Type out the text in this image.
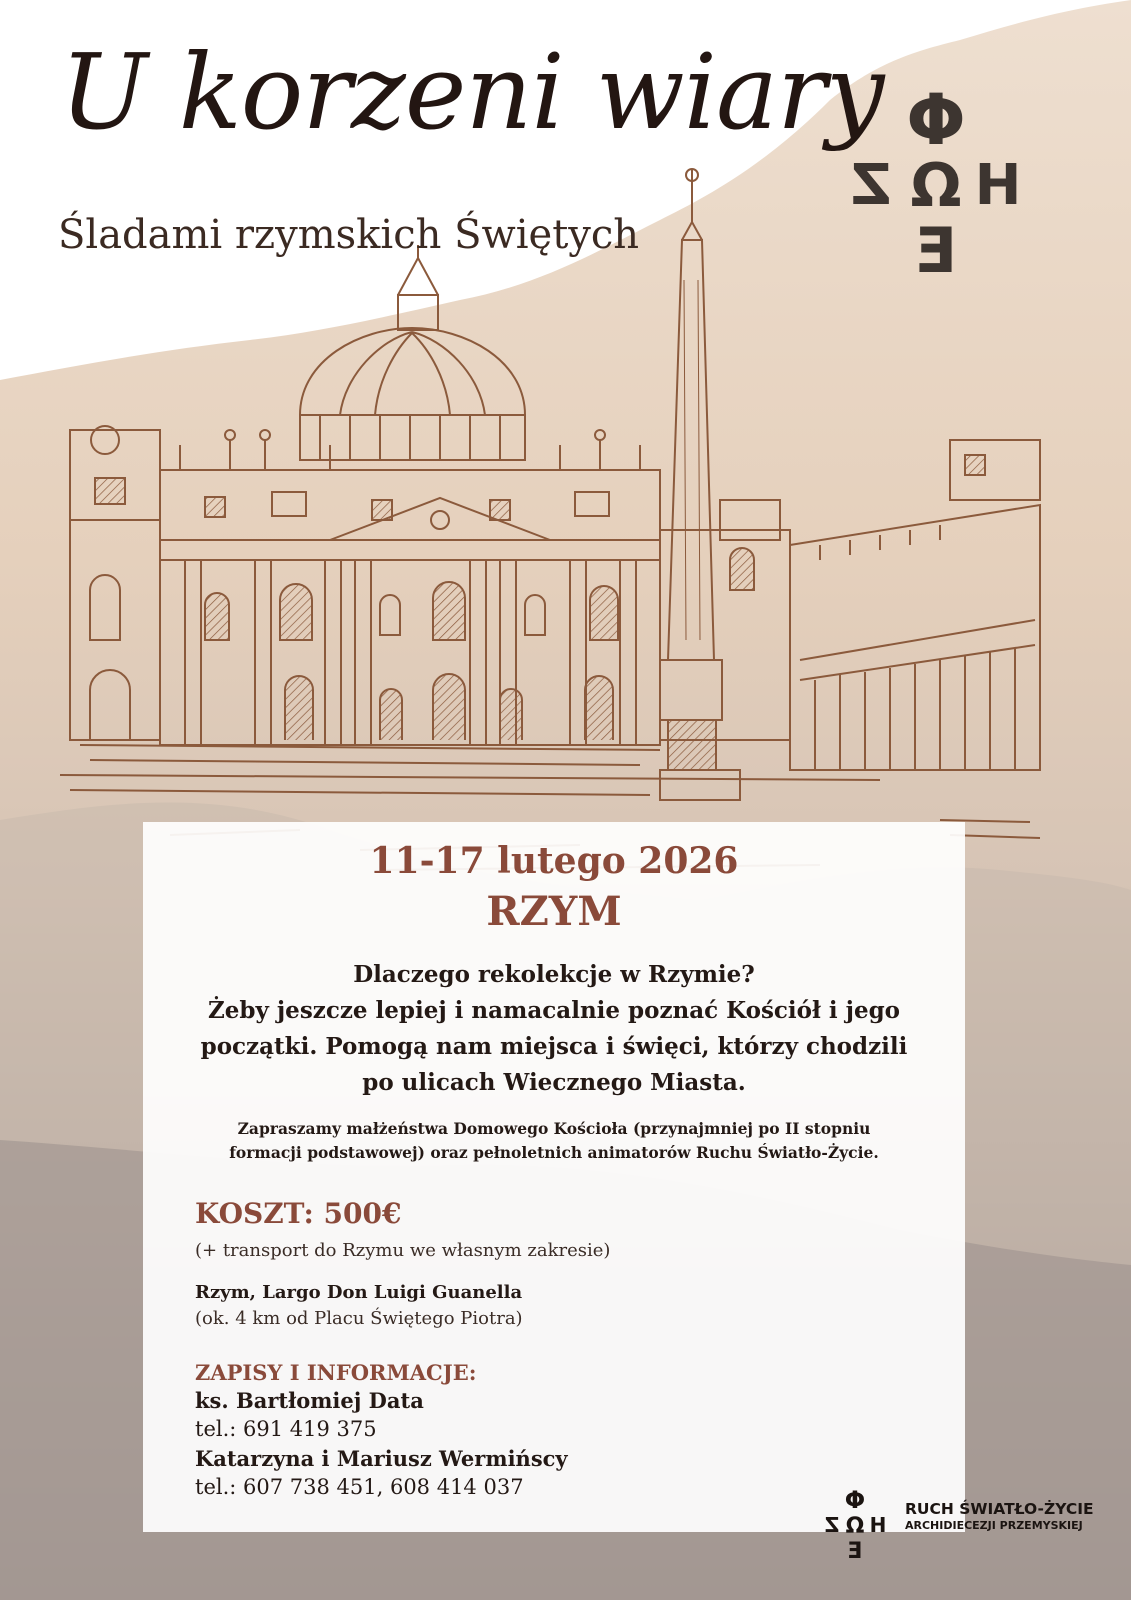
U korzeni wiary
Śladami rzymskich Świętych
Φ
Z Ω H
E

11-17 lutego 2026

RZYM

Dlaczego rekolekcje w Rzymie?
Żeby jeszcze lepiej i namacalnie poznać Kościół i jego
początki. Pomogą nam miejsca i święci, którzy chodzili
po ulicach Wiecznego Miasta.
Zapraszamy małżeństwa Domowego Kościoła (przynajmniej po II stopniu
formacji podstawowej) oraz pełnoletnich animatorów Ruchu Światło-Życie.

KOSZT: 500€

(+ transport do Rzymu we własnym zakresie)
Rzym, Largo Don Luigi Guanella
(ok. 4 km od Placu Świętego Piotra)
ZAPISY I INFORMACJE:
ks. Bartłomiej Data
tel.: 691 419 375
Katarzyna i Mariusz Wermińscy
tel.: 607 738 451, 608 414 037	Φ
Z Ω H
E
RUCH ŚWIATŁO-ŻYCIE
ARCHIDIECEZJI PRZEMYSKIEJ
